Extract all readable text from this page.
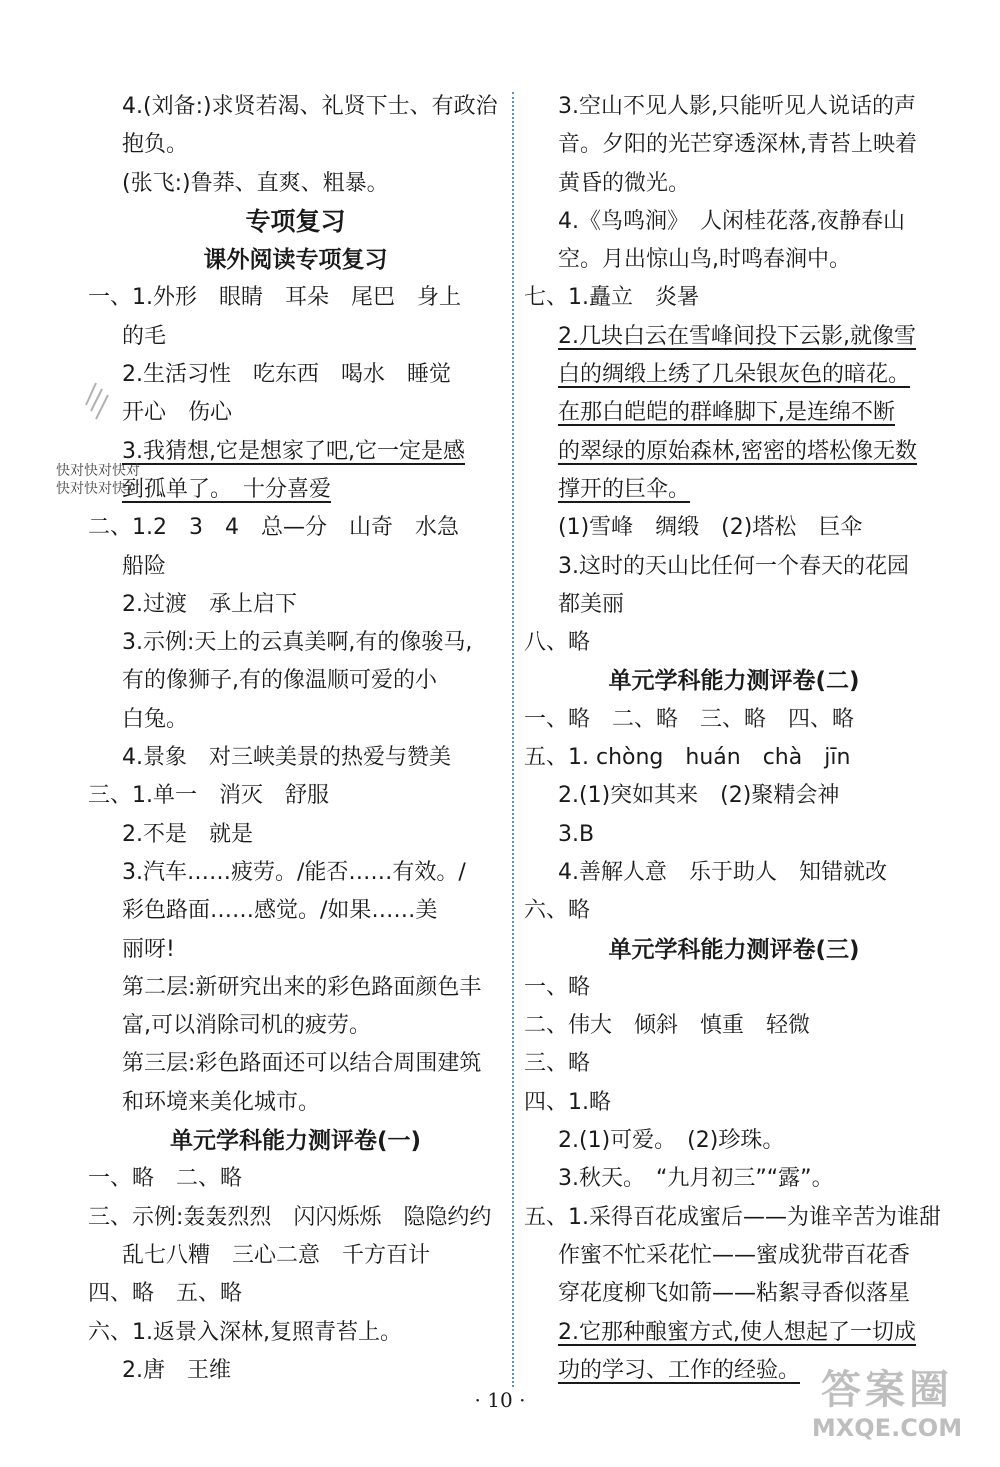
4.(刘备:)求贤若渴、礼贤下士、有政治
抱负。
(张飞:)鲁莽、直爽、粗暴。
专项复习
课外阅读专项复习
一、1.外形　眼睛　耳朵　尾巴　身上
的毛
2.生活习性　吃东西　喝水　睡觉
开心　伤心
3.我猜想,它是想家了吧,它一定是感
到孤单了。　十分喜爱
二、1.2　3　4　总—分　山奇　水急
船险
2.过渡　承上启下
3.示例:天上的云真美啊,有的像骏马,
有的像狮子,有的像温顺可爱的小
白兔。
4.景象　对三峡美景的热爱与赞美
三、1.单一　消灭　舒服
2.不是　就是
3.汽车……疲劳。/能否……有效。/
彩色路面……感觉。/如果……美
丽呀!
第二层:新研究出来的彩色路面颜色丰
富,可以消除司机的疲劳。
第三层:彩色路面还可以结合周围建筑
和环境来美化城市。
单元学科能力测评卷(一)
一、略　二、略
三、示例:轰轰烈烈　闪闪烁烁　隐隐约约
乱七八糟　三心二意　千方百计
四、略　五、略
六、1.返景入深林,复照青苔上。
2.唐　王维
3.空山不见人影,只能听见人说话的声
音。夕阳的光芒穿透深林,青苔上映着
黄昏的微光。
4.《鸟鸣涧》　人闲桂花落,夜静春山
空。月出惊山鸟,时鸣春涧中。
七、1.矗立　炎暑
2.几块白云在雪峰间投下云影,就像雪
白的绸缎上绣了几朵银灰色的暗花。
在那白皑皑的群峰脚下,是连绵不断
的翠绿的原始森林,密密的塔松像无数
撑开的巨伞。
(1)雪峰　绸缎　(2)塔松　巨伞
3.这时的天山比任何一个春天的花园
都美丽
八、略
单元学科能力测评卷(二)
一、略　二、略　三、略　四、略
五、1. chòng　huán　chà　jīn
2.(1)突如其来　(2)聚精会神
3.B
4.善解人意　乐于助人　知错就改
六、略
单元学科能力测评卷(三)
一、略
二、伟大　倾斜　慎重　轻微
三、略
四、1.略
2.(1)可爱。　(2)珍珠。
3.秋天。　“九月初三”“露”。
五、1.采得百花成蜜后——为谁辛苦为谁甜
作蜜不忙采花忙——蜜成犹带百花香
穿花度柳飞如箭——粘絮寻香似落星
2.它那种酿蜜方式,使人想起了一切成
功的学习、工作的经验。
快对快对快对
快对快对快对
· 10 ·	答案圈
MXQE.COM
